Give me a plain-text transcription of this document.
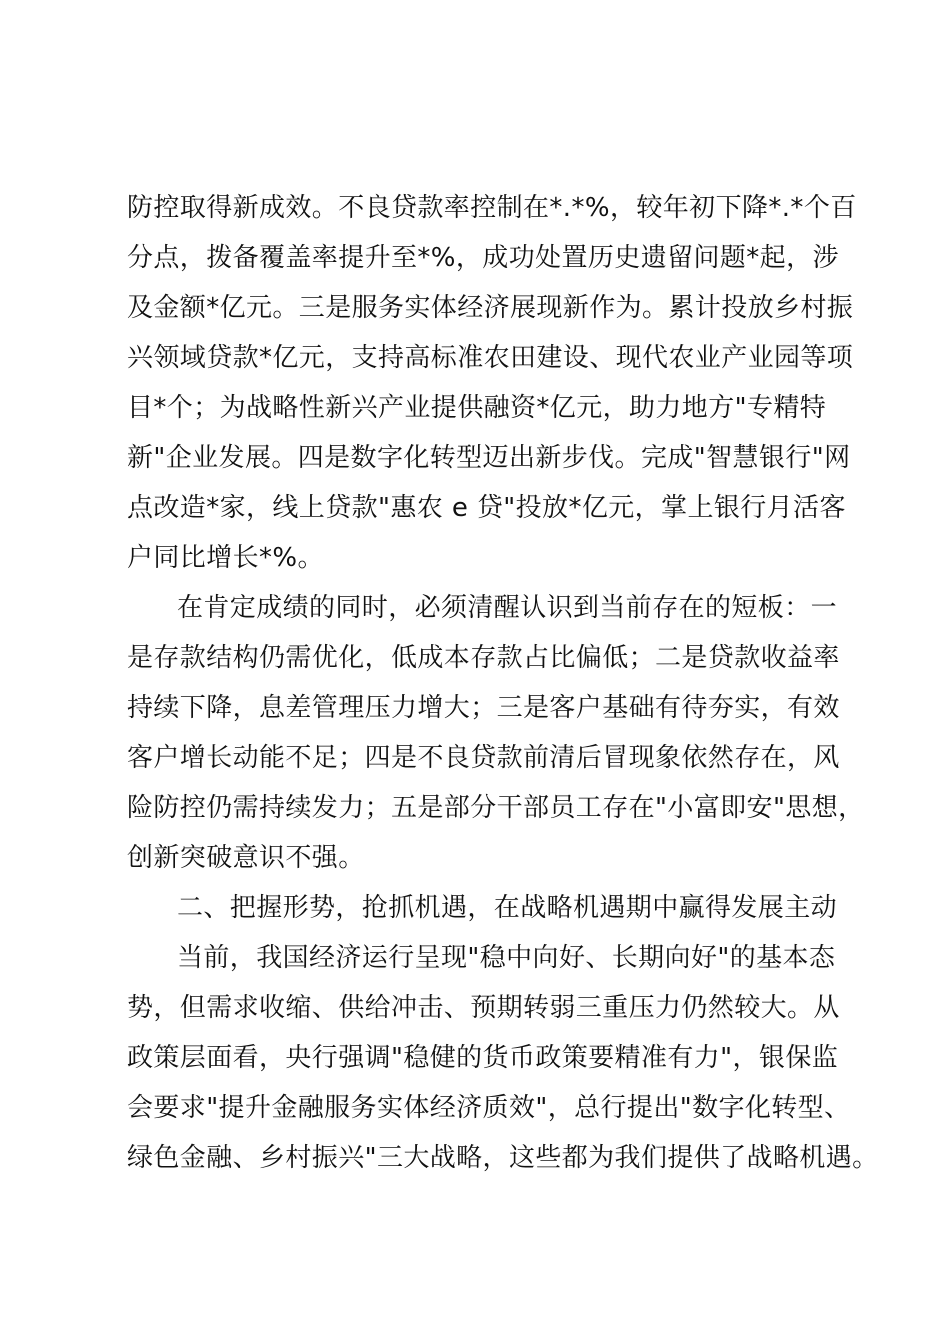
防控取得新成效。不良贷款率控制在*.*%，较年初下降*.*个百
分点，拨备覆盖率提升至*%，成功处置历史遗留问题*起，涉
及金额*亿元。三是服务实体经济展现新作为。累计投放乡村振
兴领域贷款*亿元，支持高标准农田建设、现代农业产业园等项
目*个；为战略性新兴产业提供融资*亿元，助力地方"专精特
新"企业发展。四是数字化转型迈出新步伐。完成"智慧银行"网
点改造*家，线上贷款"惠农 e 贷"投放*亿元，掌上银行月活客
户同比增长*%。
在肯定成绩的同时，必须清醒认识到当前存在的短板：一
是存款结构仍需优化，低成本存款占比偏低；二是贷款收益率
持续下降，息差管理压力增大；三是客户基础有待夯实，有效
客户增长动能不足；四是不良贷款前清后冒现象依然存在，风
险防控仍需持续发力；五是部分干部员工存在"小富即安"思想，
创新突破意识不强。
二、把握形势，抢抓机遇，在战略机遇期中赢得发展主动
当前，我国经济运行呈现"稳中向好、长期向好"的基本态
势，但需求收缩、供给冲击、预期转弱三重压力仍然较大。从
政策层面看，央行强调"稳健的货币政策要精准有力"，银保监
会要求"提升金融服务实体经济质效"，总行提出"数字化转型、
绿色金融、乡村振兴"三大战略，这些都为我们提供了战略机遇。
